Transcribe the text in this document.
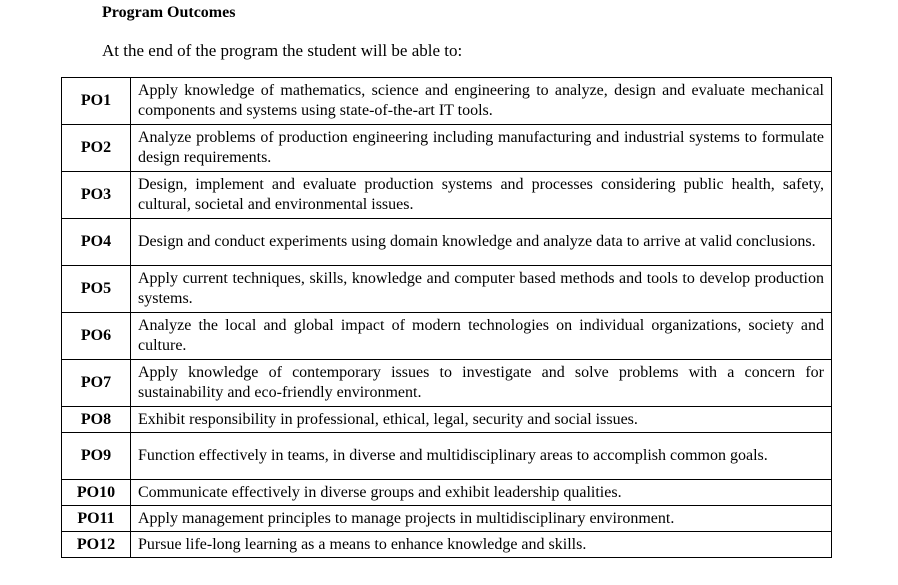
Program Outcomes
At the end of the program the student will be able to:
PO1	Apply knowledge of mathematics, science and engineering to analyze, design and evaluate mechanical components and systems using state-of-the-art IT tools.
PO2	Analyze problems of production engineering including manufacturing and industrial systems to formulate design requirements.
PO3	Design, implement and evaluate production systems and processes considering public health, safety, cultural, societal and environmental issues.
PO4	Design and conduct experiments using domain knowledge and analyze data to arrive at valid conclusions.
PO5	Apply current techniques, skills, knowledge and computer based methods and tools to develop production systems.
PO6	Analyze the local and global impact of modern technologies on individual organizations, society and culture.
PO7	Apply knowledge of contemporary issues to investigate and solve problems with a concern for sustainability and eco-friendly environment.
PO8	Exhibit responsibility in professional, ethical, legal, security and social issues.
PO9	Function effectively in teams, in diverse and multidisciplinary areas to accomplish common goals.
PO10	Communicate effectively in diverse groups and exhibit leadership qualities.
PO11	Apply management principles to manage projects in multidisciplinary environment.
PO12	Pursue life-long learning as a means to enhance knowledge and skills.
